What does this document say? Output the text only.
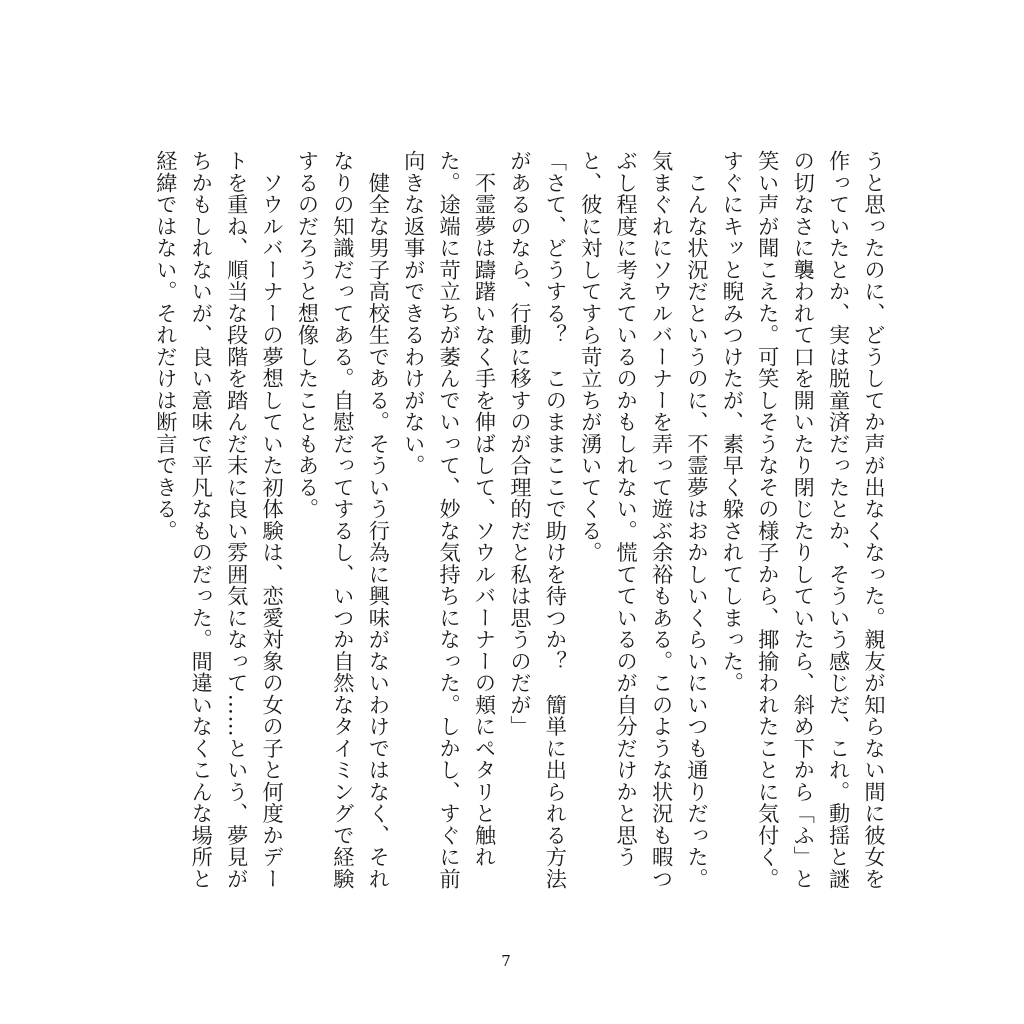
うと思ったのに、どうしてか声が出なくなった。親友が知らない間に彼女を作っていたとか、実は脱童済だったとか、そういう感じだ、これ。動揺と謎の切なさに襲われて口を開いたり閉じたりしていたら、斜め下から「ふ」と笑い声が聞こえた。可笑しそうなその様子から、揶揄われたことに気付く。すぐにキッと睨みつけたが、素早く躱されてしまった。

　こんな状況だというのに、不霊夢はおかしいくらいにいつも通りだった。気まぐれにソウルバーナーを弄って遊ぶ余裕もある。このような状況も暇つぶし程度に考えているのかもしれない。慌てているのが自分だけかと思うと、彼に対してすら苛立ちが湧いてくる。

「さて、どうする？　このままここで助けを待つか？　簡単に出られる方法があるのなら、行動に移すのが合理的だと私は思うのだが」

　不霊夢は躊躇いなく手を伸ばして、ソウルバーナーの頬にペタリと触れた。途端に苛立ちが萎んでいって、妙な気持ちになった。しかし、すぐに前向きな返事ができるわけがない。

　健全な男子高校生である。そういう行為に興味がないわけではなく、それなりの知識だってある。自慰だってするし、いつか自然なタイミングで経験するのだろうと想像したこともある。

　ソウルバーナーの夢想していた初体験は、恋愛対象の女の子と何度かデートを重ね、順当な段階を踏んだ末に良い雰囲気になって……という、夢見がちかもしれないが、良い意味で平凡なものだった。間違いなくこんな場所と経緯ではない。それだけは断言できる。

7
